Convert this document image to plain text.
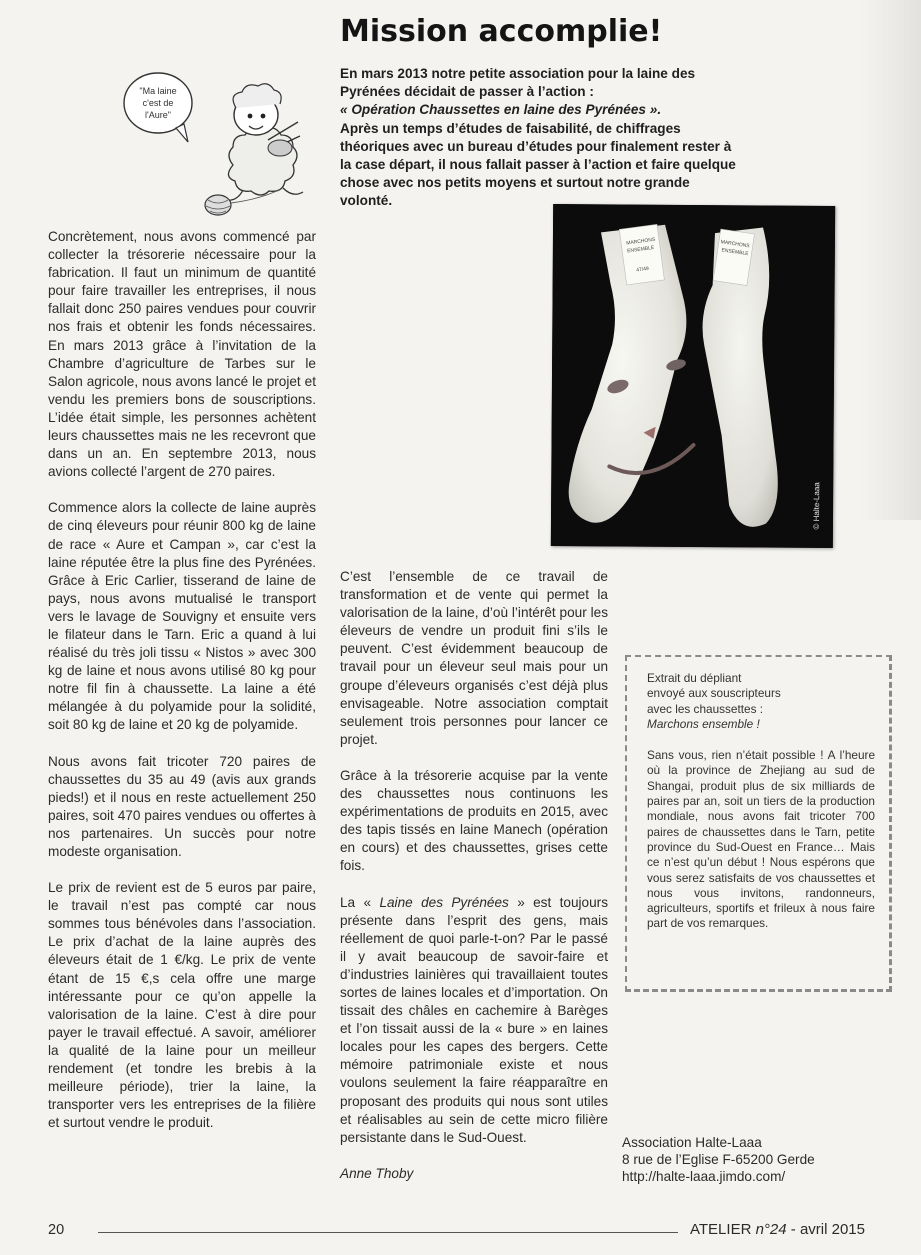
Mission accomplie!

En mars 2013 notre petite association pour la laine des Pyrénées décidait de passer à l’action :

« Opération Chaussettes en laine des Pyrénées ».

Après un temps d’études de faisabilité, de chiffrages théoriques avec un bureau d’études pour finalement rester à la case départ, il nous fallait passer à l’action et faire quelque chose avec nos petits moyens et surtout notre grande volonté.

"Ma laine
c'est de
l'Aure"

Concrètement, nous avons commencé par collecter la trésorerie nécessaire pour la fabrication. Il faut un minimum de quantité pour faire travailler les entreprises, il nous fallait donc 250 paires vendues pour couvrir nos frais et obtenir les fonds nécessaires. En mars 2013 grâce à l’invitation de la Chambre d’agriculture de Tarbes sur le Salon agricole, nous avons lancé le projet et vendu les premiers bons de souscriptions. L’idée était simple, les personnes achètent leurs chaussettes mais ne les recevront que dans un an. En septembre 2013, nous avions collecté l’argent de 270 paires.

Commence alors la collecte de laine auprès de cinq éleveurs pour réunir 800 kg de laine de race « Aure et Campan », car c’est la laine réputée être la plus fine des Pyrénées. Grâce à Eric Carlier, tisserand de laine de pays, nous avons mutualisé le transport vers le lavage de Souvigny et ensuite vers le filateur dans le Tarn. Eric a quand à lui réalisé du très joli tissu « Nistos » avec 300 kg de laine et nous avons utilisé 80 kg pour notre fil fin à chaussette. La laine a été mélangée à du polyamide pour la solidité, soit 80 kg de laine et 20 kg de polyamide.

Nous avons fait tricoter 720 paires de chaussettes du 35 au 49 (avis aux grands pieds!) et il nous en reste actuellement 250 paires, soit 470 paires vendues ou offertes à nos partenaires. Un succès pour notre modeste organisation.

Le prix de revient est de 5 euros par paire, le travail n’est pas compté car nous sommes tous bénévoles dans l’association. Le prix d’achat de la laine auprès des éleveurs était de 1 €/kg. Le prix de vente étant de 15 €,s cela offre une marge intéressante pour ce qu’on appelle la valorisation de la laine. C’est à dire pour payer le travail effectué. A savoir, améliorer la qualité de la laine pour un meilleur rendement (et tondre les brebis à la meilleure période), trier la laine, la transporter vers les entreprises de la filière et surtout vendre le produit.

MARCHONS
ENSEMBLE
47/49
MARCHONS
ENSEMBLE
© Halte-Laaa

C’est l’ensemble de ce travail de transformation et de vente qui permet la valorisation de la laine, d’où l’intérêt pour les éleveurs de vendre un produit fini s’ils le peuvent. C’est évidemment beaucoup de travail pour un éleveur seul mais pour un groupe d’éleveurs organisés c’est déjà plus envisageable. Notre association comptait seulement trois personnes pour lancer ce projet.

Grâce à la trésorerie acquise par la vente des chaussettes nous continuons les expérimentations de produits en 2015, avec des tapis tissés en laine Manech (opération en cours) et des chaussettes, grises cette fois.

La « Laine des Pyrénées » est toujours présente dans l’esprit des gens, mais réellement de quoi parle-t-on? Par le passé il y avait beaucoup de savoir-faire et d’industries lainières qui travaillaient toutes sortes de laines locales et d’importation. On tissait des châles en cachemire à Barèges et l’on tissait aussi de la « bure » en laines locales pour les capes des bergers. Cette mémoire patrimoniale existe et nous voulons seulement la faire réapparaître en proposant des produits qui nous sont utiles et réalisables au sein de cette micro filière persistante dans le Sud-Ouest.

Anne Thoby

Extrait du dépliant
envoyé aux souscripteurs
avec les chaussettes :
Marchons ensemble !
Sans vous, rien n’était possible ! A l’heure où la province de Zhejiang au sud de Shangai, produit plus de six milliards de paires par an, soit un tiers de la production mondiale, nous avons fait tricoter 700 paires de chaussettes dans le Tarn, petite province du Sud-Ouest en France… Mais ce n’est qu’un début ! Nous espérons que vous serez satisfaits de vos chaussettes et nous vous invitons, randonneurs, agriculteurs, sportifs et frileux à nous faire part de vos remarques.
Association Halte-Laaa
8 rue de l’Eglise F-65200 Gerde
http://halte-laaa.jimdo.com/
20	ATELIER n°24 - avril 2015
